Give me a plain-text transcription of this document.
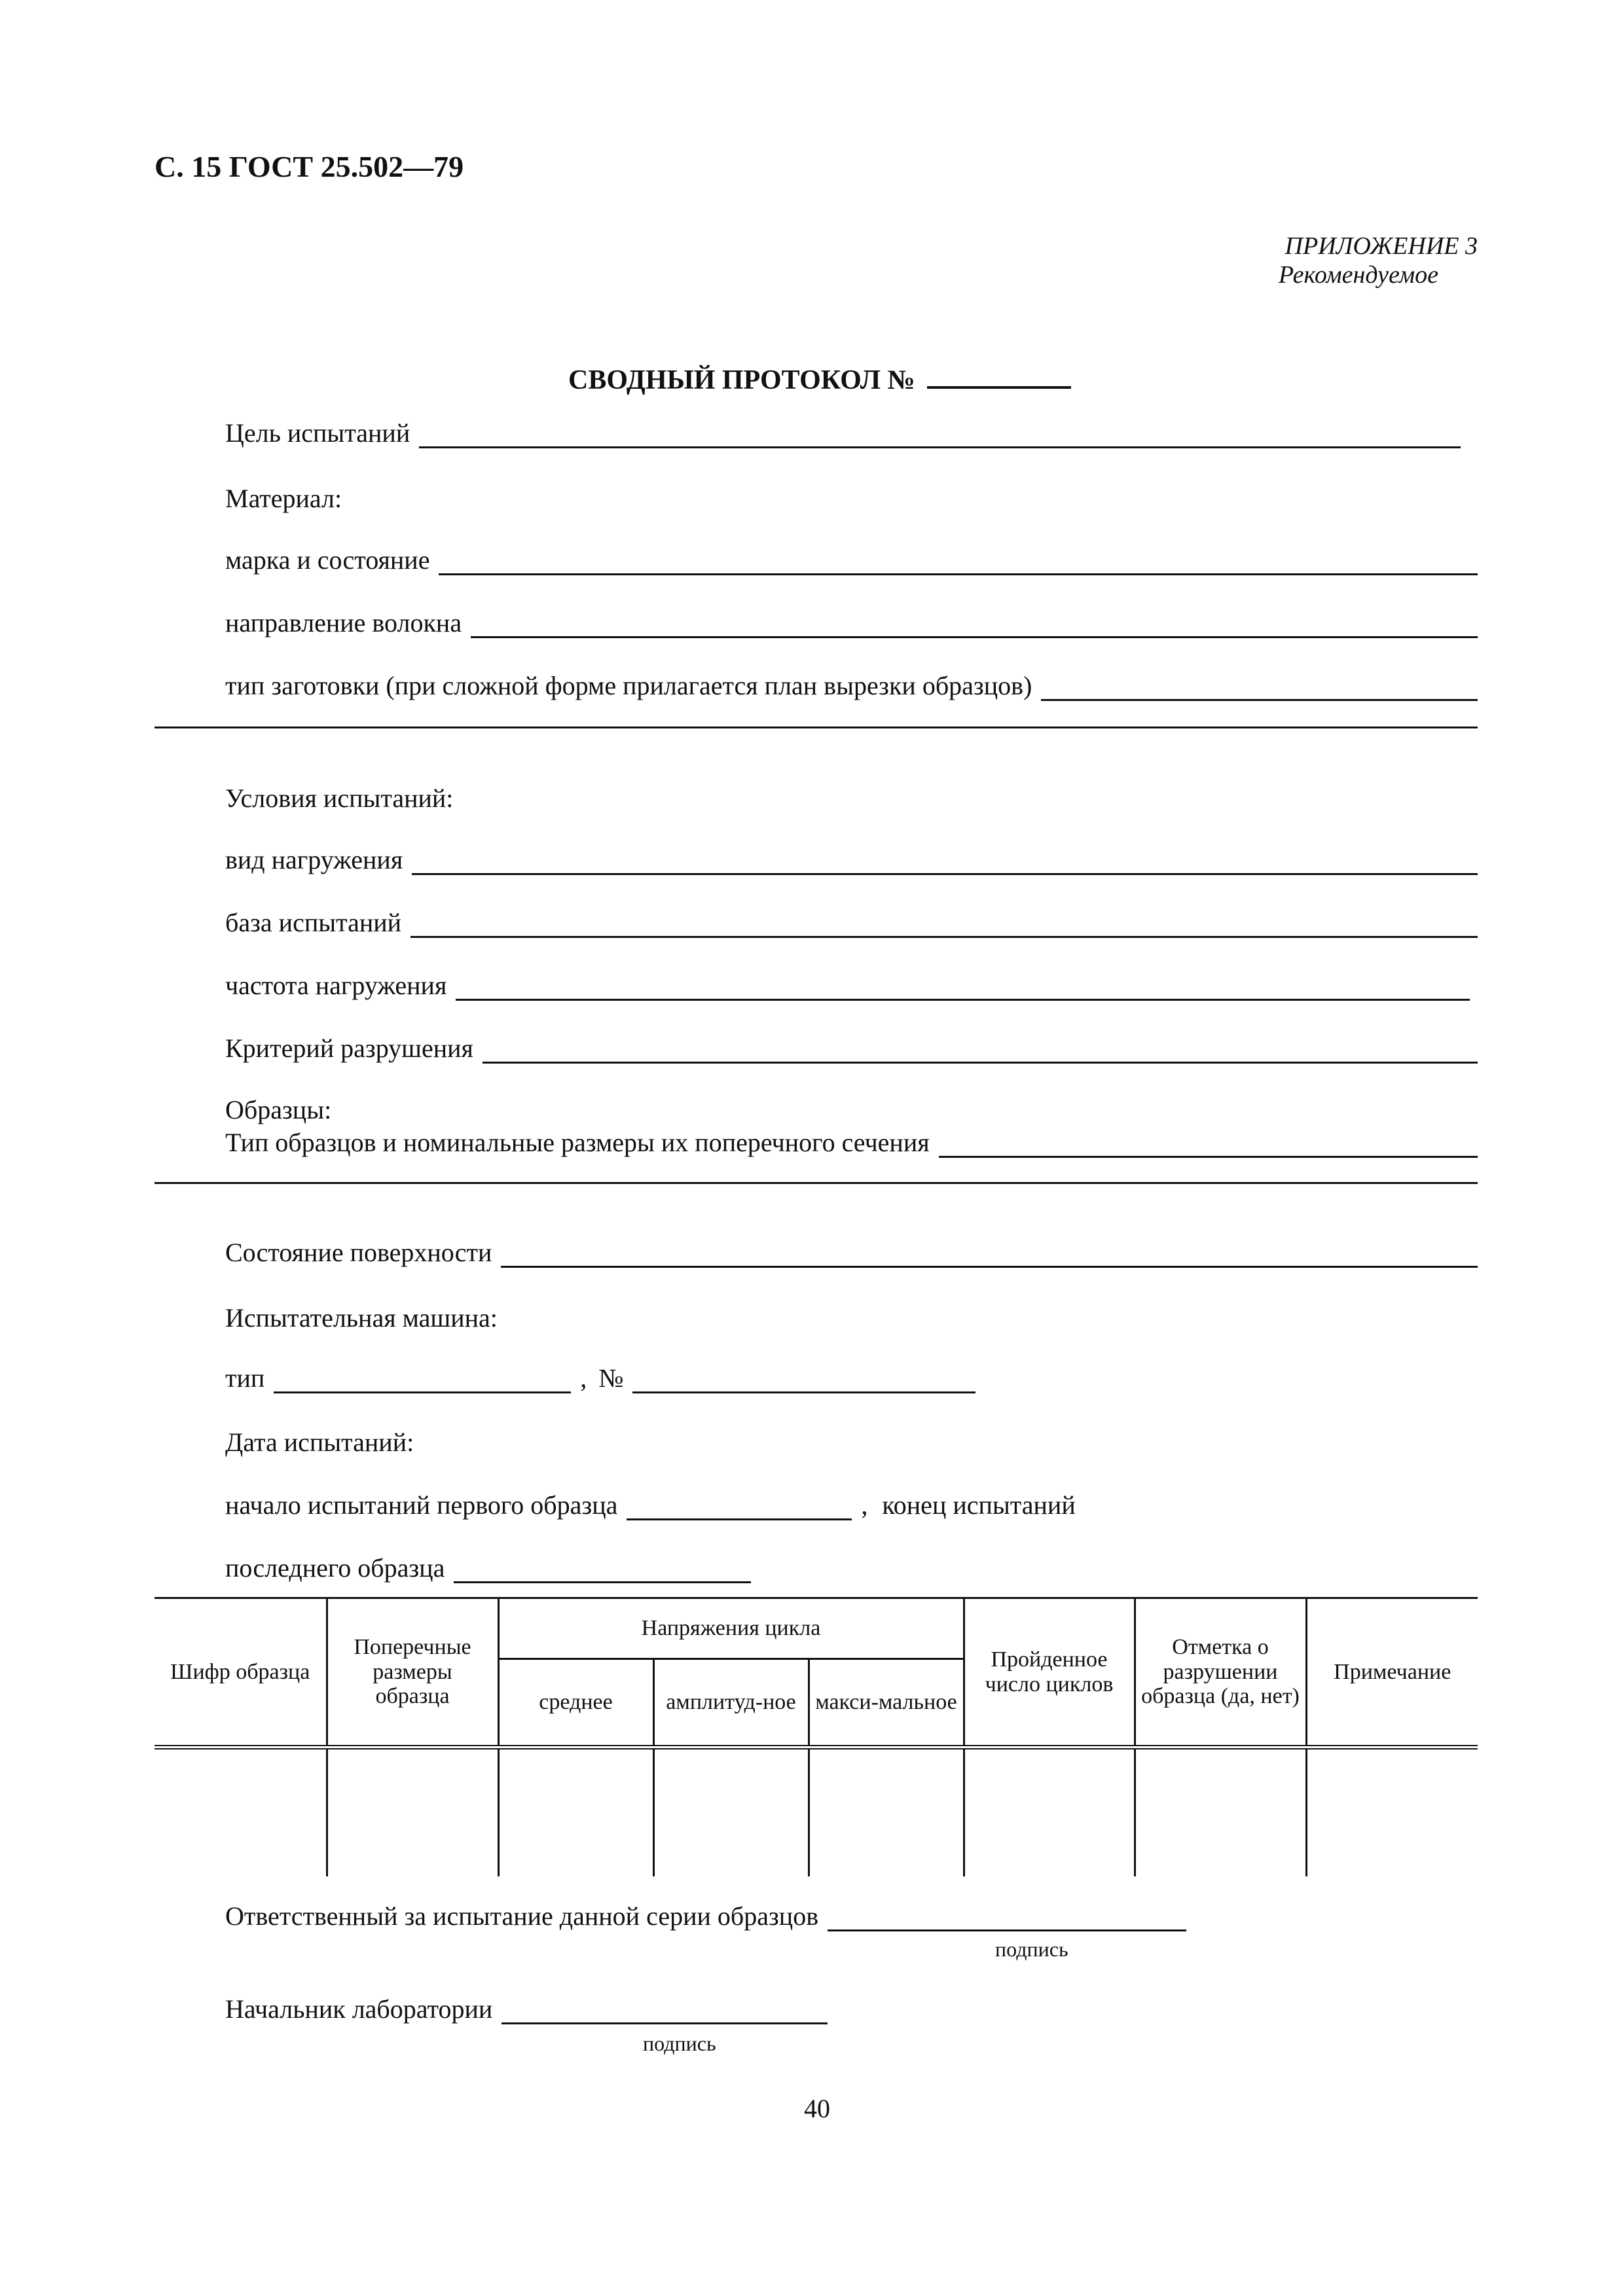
С. 15 ГОСТ 25.502—79
ПРИЛОЖЕНИЕ 3
Рекомендуемое
СВОДНЫЙ ПРОТОКОЛ №
Цель испытаний
Материал:
марка и состояние
направление волокна
тип заготовки (при сложной форме прилагается план вырезки образцов)
Условия испытаний:
вид нагружения
база испытаний
частота нагружения
Критерий разрушения
Образцы:
Тип образцов и номинальные размеры их поперечного сечения
Состояние поверхности
Испытательная машина:
тип	, №
Дата испытаний:
начало испытаний первого образца	, конец испытаний
последнего образца
Шифр образца	Поперечные размеры образца	Напряжения цикла			Пройденное число циклов	Отметка о разрушении образца (да, нет)	Примечание
		среднее	амплитуд-ное	макси-мальное			

Ответственный за испытание данной серии образцов
подпись
Начальник лаборатории
подпись
40
